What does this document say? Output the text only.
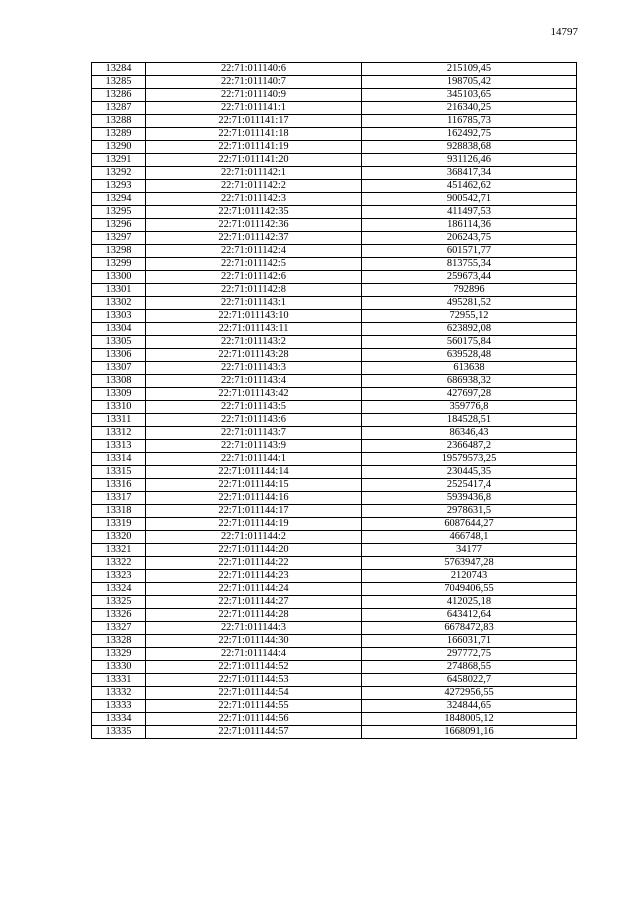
14797
13284	22:71:011140:6	215109,45
13285	22:71:011140:7	198705,42
13286	22:71:011140:9	345103,65
13287	22:71:011141:1	216340,25
13288	22:71:011141:17	116785,73
13289	22:71:011141:18	162492,75
13290	22:71:011141:19	928838,68
13291	22:71:011141:20	931126,46
13292	22:71:011142:1	368417,34
13293	22:71:011142:2	451462,62
13294	22:71:011142:3	900542,71
13295	22:71:011142:35	411497,53
13296	22:71:011142:36	186114,36
13297	22:71:011142:37	206243,75
13298	22:71:011142:4	601571,77
13299	22:71:011142:5	813755,34
13300	22:71:011142:6	259673,44
13301	22:71:011142:8	792896
13302	22:71:011143:1	495281,52
13303	22:71:011143:10	72955,12
13304	22:71:011143:11	623892,08
13305	22:71:011143:2	560175,84
13306	22:71:011143:28	639528,48
13307	22:71:011143:3	613638
13308	22:71:011143:4	686938,32
13309	22:71:011143:42	427697,28
13310	22:71:011143:5	359776,8
13311	22:71:011143:6	184528,51
13312	22:71:011143:7	86346,43
13313	22:71:011143:9	2366487,2
13314	22:71:011144:1	19579573,25
13315	22:71:011144:14	230445,35
13316	22:71:011144:15	2525417,4
13317	22:71:011144:16	5939436,8
13318	22:71:011144:17	2978631,5
13319	22:71:011144:19	6087644,27
13320	22:71:011144:2	466748,1
13321	22:71:011144:20	34177
13322	22:71:011144:22	5763947,28
13323	22:71:011144:23	2120743
13324	22:71:011144:24	7049406,55
13325	22:71:011144:27	412025,18
13326	22:71:011144:28	643412,64
13327	22:71:011144:3	6678472,83
13328	22:71:011144:30	166031,71
13329	22:71:011144:4	297772,75
13330	22:71:011144:52	274868,55
13331	22:71:011144:53	6458022,7
13332	22:71:011144:54	4272956,55
13333	22:71:011144:55	324844,65
13334	22:71:011144:56	1848005,12
13335	22:71:011144:57	1668091,16
